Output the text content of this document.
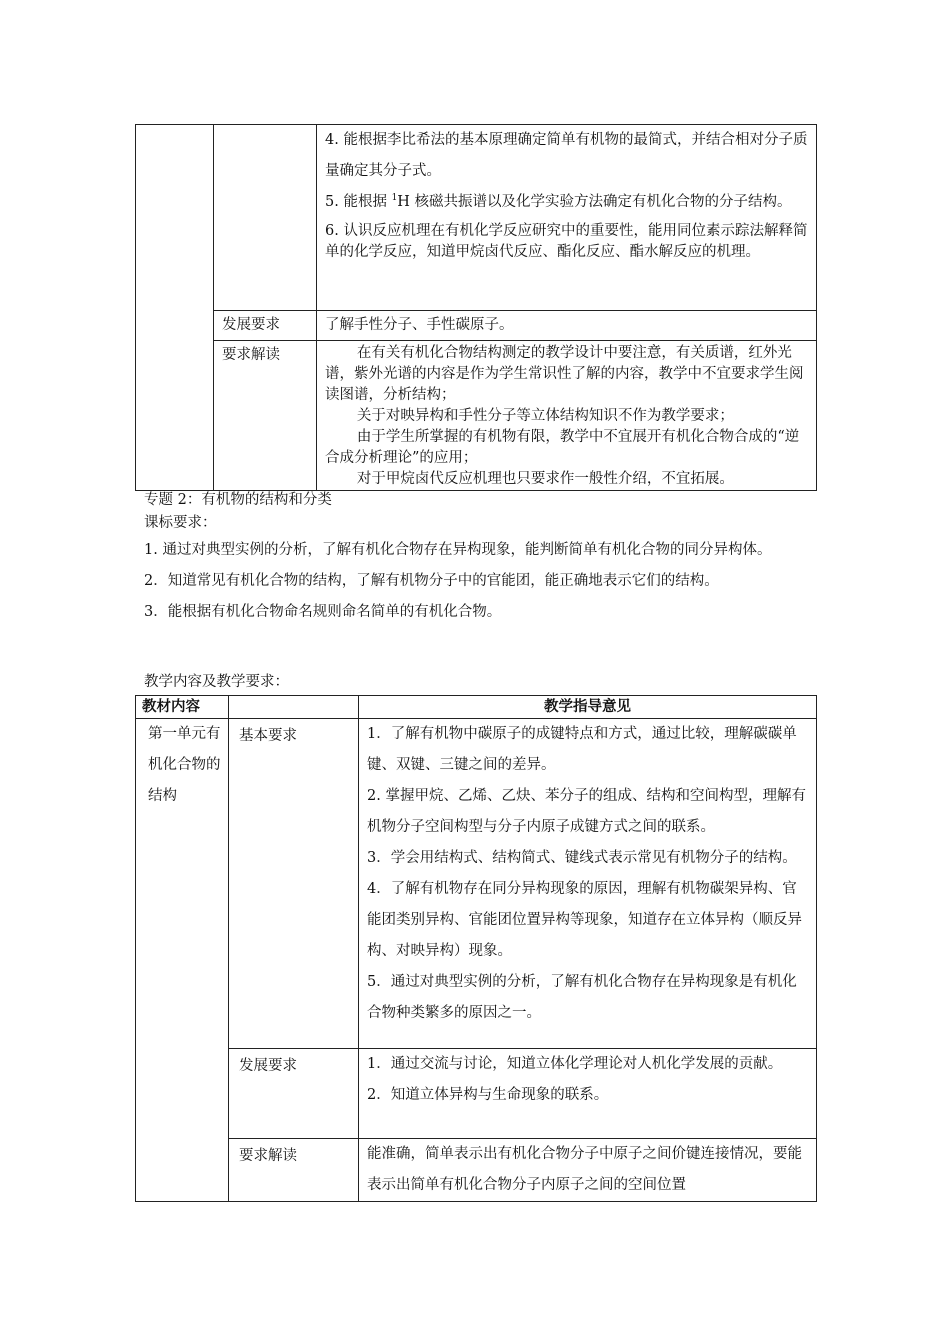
		4. 能根据李比希法的基本原理确定简单有机物的最简式，并结合相对分子质量确定其分子式。

5. 能根据 $^1$H 核磁共振谱以及化学实验方法确定有机化合物的分子结构。

6. 认识反应机理在有机化学反应研究中的重要性，能用同位素示踪法解释简单的化学反应，知道甲烷卤代反应、酯化反应、酯水解反应的机理。

	发展要求	了解手性分子、手性碳原子。

	要求解读	在有关有机化合物结构测定的教学设计中要注意，有关质谱，红外光谱，紫外光谱的内容是作为学生常识性了解的内容，教学中不宜要求学生阅读图谱，分析结构；

关于对映异构和手性分子等立体结构知识不作为教学要求；

由于学生所掌握的有机物有限，教学中不宜展开有机化合物合成的“逆合成分析理论”的应用；

对于甲烷卤代反应机理也只要求作一般性介绍，不宜拓展。

专题 2：有机物的结构和分类
课标要求：

1. 通过对典型实例的分析，了解有机化合物存在异构现象，能判断简单有机化合物的同分异构体。

2．知道常见有机化合物的结构，了解有机物分子中的官能团，能正确地表示它们的结构。

3．能根据有机化合物命名规则命名简单的有机化合物。

教学内容及教学要求：
教材内容		教学指导意见

第一单元有机化合物的结构	基本要求	1．了解有机物中碳原子的成键特点和方式，通过比较，理解碳碳单键、双键、三键之间的差异。

2. 掌握甲烷、乙烯、乙炔、苯分子的组成、结构和空间构型，理解有机物分子空间构型与分子内原子成键方式之间的联系。

3．学会用结构式、结构简式、键线式表示常见有机物分子的结构。

4．了解有机物存在同分异构现象的原因，理解有机物碳架异构、官能团类别异构、官能团位置异构等现象，知道存在立体异构（顺反异构、对映异构）现象。

5．通过对典型实例的分析，了解有机化合物存在异构现象是有机化合物种类繁多的原因之一。

	发展要求	1．通过交流与讨论，知道立体化学理论对人机化学发展的贡献。

2．知道立体异构与生命现象的联系。

	要求解读	能准确，简单表示出有机化合物分子中原子之间价键连接情况，要能表示出简单有机化合物分子内原子之间的空间位置
